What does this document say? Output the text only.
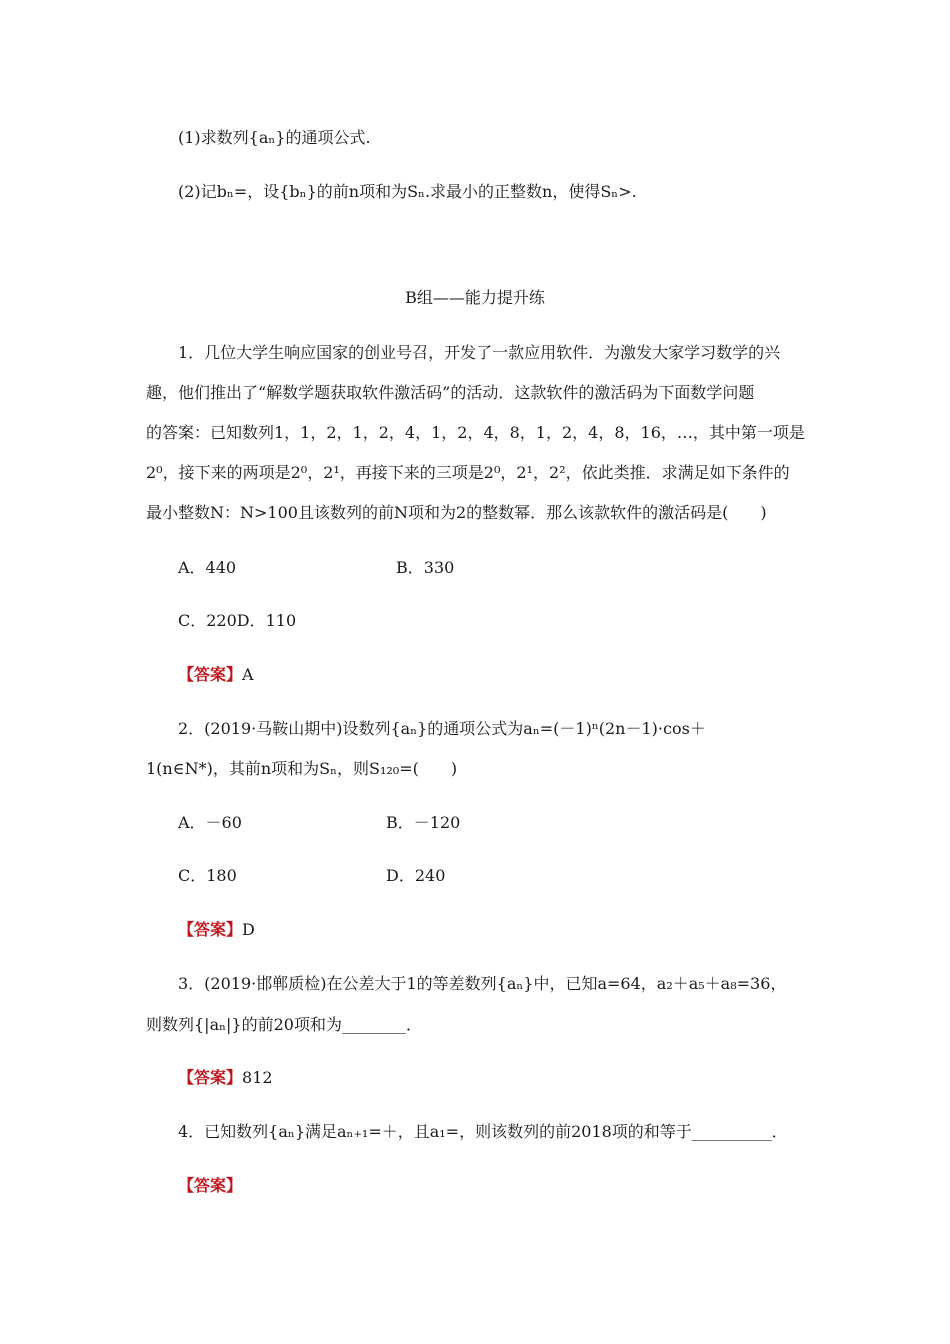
(1)求数列{aₙ}的通项公式.
(2)记bₙ=，设{bₙ}的前n项和为Sₙ.求最小的正整数n，使得Sₙ>.
B组——能力提升练
1．几位大学生响应国家的创业号召，开发了一款应用软件．为激发大家学习数学的兴
趣，他们推出了“解数学题获取软件激活码”的活动．这款软件的激活码为下面数学问题
的答案：已知数列1，1，2，1，2，4，1，2，4，8，1，2，4，8，16，…，其中第一项是
2⁰，接下来的两项是2⁰，2¹，再接下来的三项是2⁰，2¹，2²，依此类推．求满足如下条件的
最小整数N：N>100且该数列的前N项和为2的整数幂．那么该款软件的激活码是(　　)
A．440	B．330
C．220D．110
【答案】A
2．(2019·马鞍山期中)设数列{aₙ}的通项公式为aₙ=(－1)ⁿ(2n－1)·cos＋
1(n∈N*)，其前n项和为Sₙ，则S₁₂₀=(　　)
A．－60	B．－120
C．180	D．240
【答案】D
3．(2019·邯郸质检)在公差大于1的等差数列{aₙ}中，已知a=64，a₂＋a₅＋a₈=36，
则数列{|aₙ|}的前20项和为________．
【答案】812
4．已知数列{aₙ}满足aₙ₊₁=＋，且a₁=，则该数列的前2018项的和等于__________．
【答案】
